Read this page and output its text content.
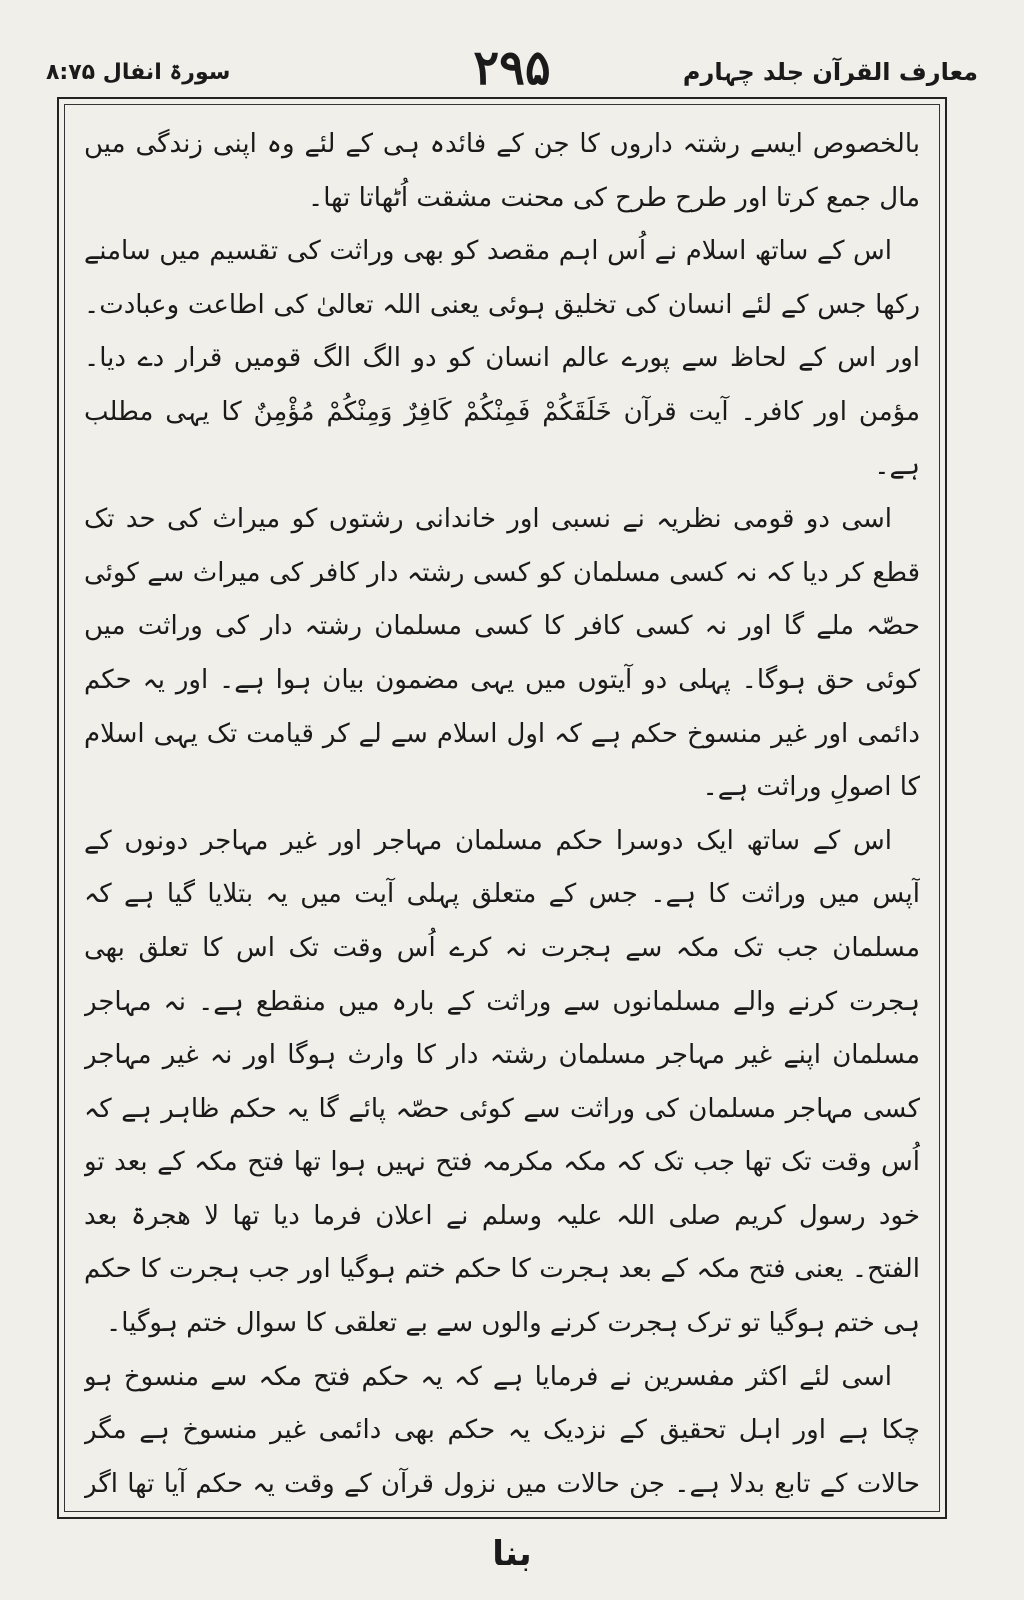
معارف القرآن جلد چہارم
۲۹۵
سورۃ انفال ۸:۷۵

بالخصوص ایسے رشتہ داروں کا جن کے فائدہ ہی کے لئے وہ اپنی زندگی میں مال جمع کرتا اور طرح طرح کی محنت مشقت اُٹھاتا تھا۔

اس کے ساتھ اسلام نے اُس اہم مقصد کو بھی وراثت کی تقسیم میں سامنے رکھا جس کے لئے انسان کی تخلیق ہوئی یعنی اللہ تعالیٰ کی اطاعت وعبادت۔ اور اس کے لحاظ سے پورے عالم انسان کو دو الگ الگ قومیں قرار دے دیا۔ مؤمن اور کافر۔ آیت قرآن خَلَقَكُمْ فَمِنْكُمْ كَافِرٌ وَمِنْكُمْ مُؤْمِنٌ کا یہی مطلب ہے۔

اسی دو قومی نظریہ نے نسبی اور خاندانی رشتوں کو میراث کی حد تک قطع کر دیا کہ نہ کسی مسلمان کو کسی رشتہ دار کافر کی میراث سے کوئی حصّہ ملے گا اور نہ کسی کافر کا کسی مسلمان رشتہ دار کی وراثت میں کوئی حق ہوگا۔ پہلی دو آیتوں میں یہی مضمون بیان ہوا ہے۔ اور یہ حکم دائمی اور غیر منسوخ حکم ہے کہ اول اسلام سے لے کر قیامت تک یہی اسلام کا اصولِ وراثت ہے۔

اس کے ساتھ ایک دوسرا حکم مسلمان مہاجر اور غیر مہاجر دونوں کے آپس میں وراثت کا ہے۔ جس کے متعلق پہلی آیت میں یہ بتلایا گیا ہے کہ مسلمان جب تک مکہ سے ہجرت نہ کرے اُس وقت تک اس کا تعلق بھی ہجرت کرنے والے مسلمانوں سے وراثت کے بارہ میں منقطع ہے۔ نہ مہاجر مسلمان اپنے غیر مہاجر مسلمان رشتہ دار کا وارث ہوگا اور نہ غیر مہاجر کسی مہاجر مسلمان کی وراثت سے کوئی حصّہ پائے گا یہ حکم ظاہر ہے کہ اُس وقت تک تھا جب تک کہ مکہ مکرمہ فتح نہیں ہوا تھا فتح مکہ کے بعد تو خود رسول کریم صلی اللہ علیہ وسلم نے اعلان فرما دیا تھا لا ھجرۃ بعد الفتح۔ یعنی فتح مکہ کے بعد ہجرت کا حکم ختم ہوگیا اور جب ہجرت کا حکم ہی ختم ہوگیا تو ترک ہجرت کرنے والوں سے بے تعلقی کا سوال ختم ہوگیا۔

اسی لئے اکثر مفسرین نے فرمایا ہے کہ یہ حکم فتح مکہ سے منسوخ ہو چکا ہے اور اہل تحقیق کے نزدیک یہ حکم بھی دائمی غیر منسوخ ہے مگر حالات کے تابع بدلا ہے۔ جن حالات میں نزولِ قرآن کے وقت یہ حکم آیا تھا اگر

بنا
